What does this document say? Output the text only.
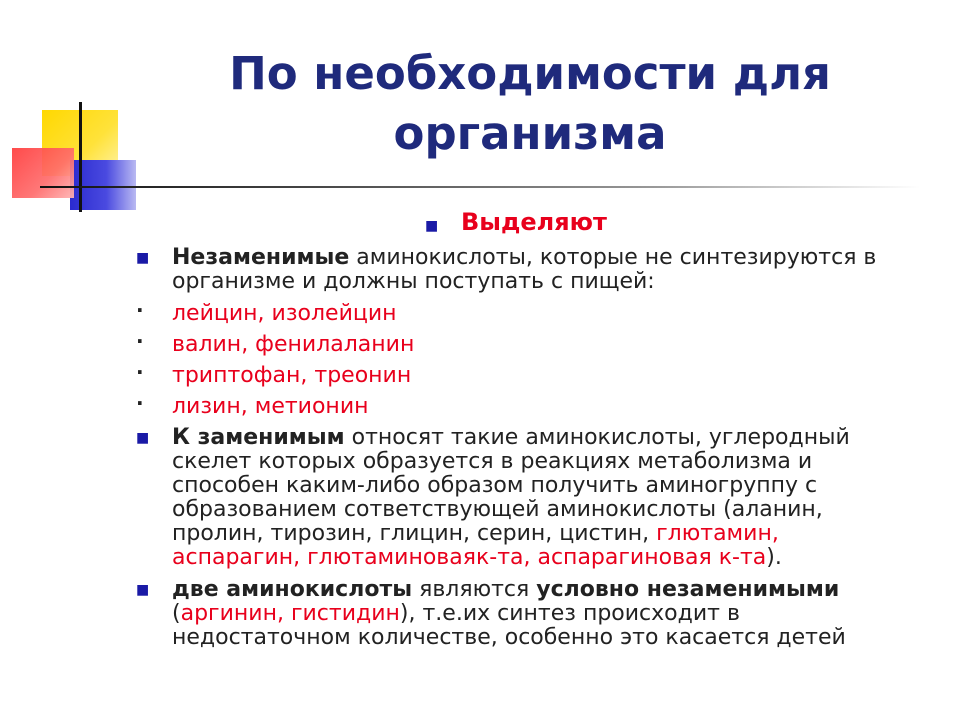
По необходимости для
организма
■ Выделяют
■ Незаменимые аминокислоты, которые не синтезируются в
организме и должны поступать с пищей:
· лейцин, изолейцин
· валин, фенилаланин
· триптофан, треонин
· лизин, метионин
■ К заменимым относят такие аминокислоты, углеродный
скелет которых образуется в реакциях метаболизма и
способен каким-либо образом получить аминогруппу с
образованием сответствующей аминокислоты (аланин,
пролин, тирозин, глицин, серин, цистин, глютамин,
аспарагин, глютаминоваяк-та, аспарагиновая к-та).
■ две аминокислоты являются условно незаменимыми
(аргинин, гистидин), т.е.их синтез происходит в
недостаточном количестве, особенно это касается детей
